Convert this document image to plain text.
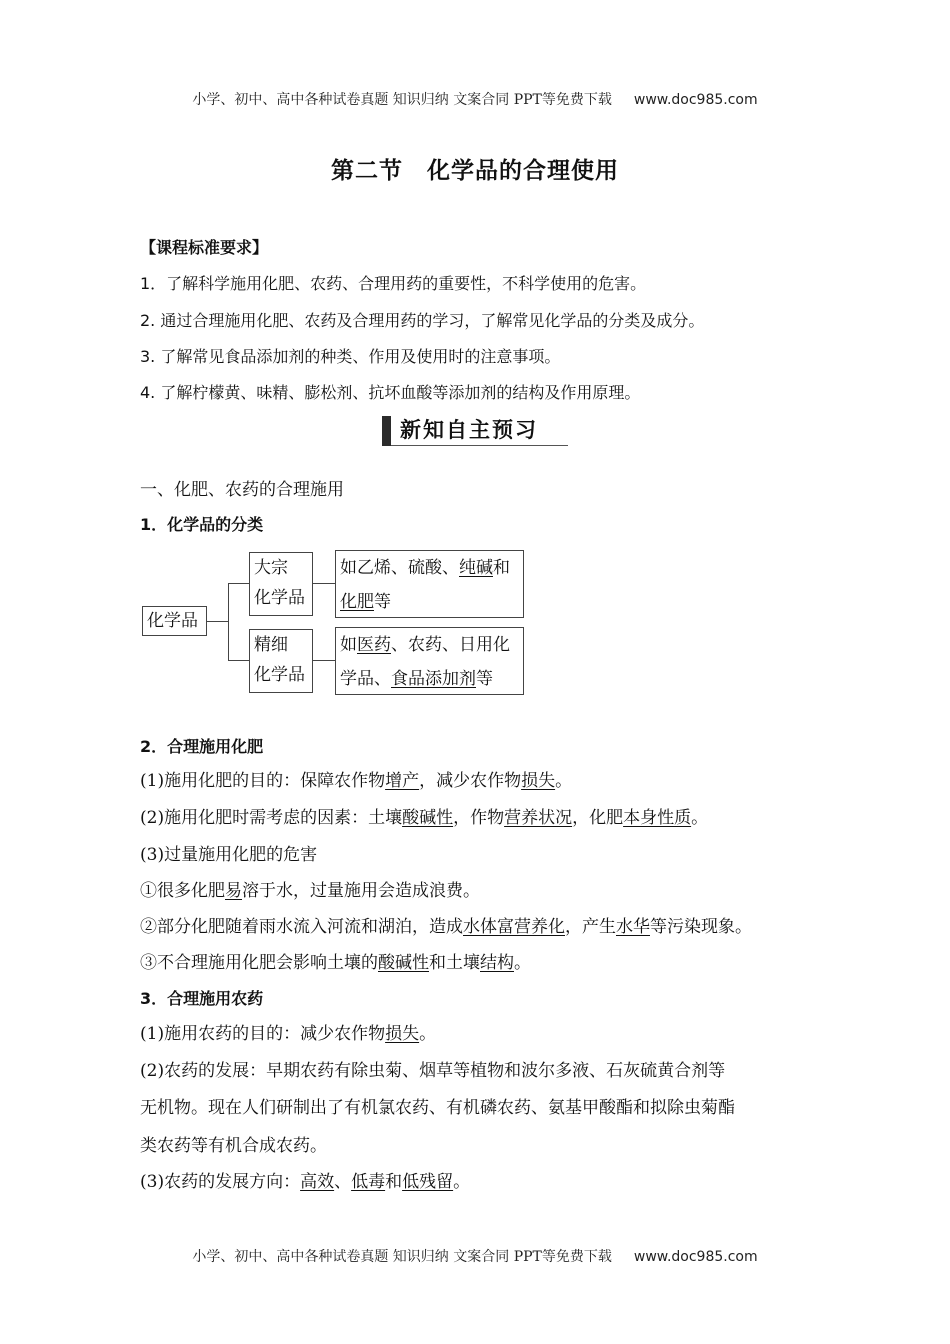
小学、初中、高中各种试卷真题 知识归纳 文案合同 PPT等免费下载 www.doc985.com
第二节　化学品的合理使用
【课程标准要求】
1．了解科学施用化肥、农药、合理用药的重要性，不科学使用的危害。
2. 通过合理施用化肥、农药及合理用药的学习，了解常见化学品的分类及成分。
3. 了解常见食品添加剂的种类、作用及使用时的注意事项。
4. 了解柠檬黄、味精、膨松剂、抗坏血酸等添加剂的结构及作用原理。
新知自主预习
一、化肥、农药的合理施用
1．化学品的分类
化学品
大宗
化学品
如乙烯、硫酸、纯碱和
化肥等
精细
化学品
如医药、农药、日用化
学品、食品添加剂等
2．合理施用化肥
(1)施用化肥的目的：保障农作物增产，减少农作物损失。
(2)施用化肥时需考虑的因素：土壤酸碱性，作物营养状况，化肥本身性质。
(3)过量施用化肥的危害
①很多化肥易溶于水，过量施用会造成浪费。
②部分化肥随着雨水流入河流和湖泊，造成水体富营养化，产生水华等污染现象。
③不合理施用化肥会影响土壤的酸碱性和土壤结构。
3．合理施用农药
(1)施用农药的目的：减少农作物损失。
(2)农药的发展：早期农药有除虫菊、烟草等植物和波尔多液、石灰硫黄合剂等
无机物。现在人们研制出了有机氯农药、有机磷农药、氨基甲酸酯和拟除虫菊酯
类农药等有机合成农药。
(3)农药的发展方向：高效、低毒和低残留。
小学、初中、高中各种试卷真题 知识归纳 文案合同 PPT等免费下载 www.doc985.com
